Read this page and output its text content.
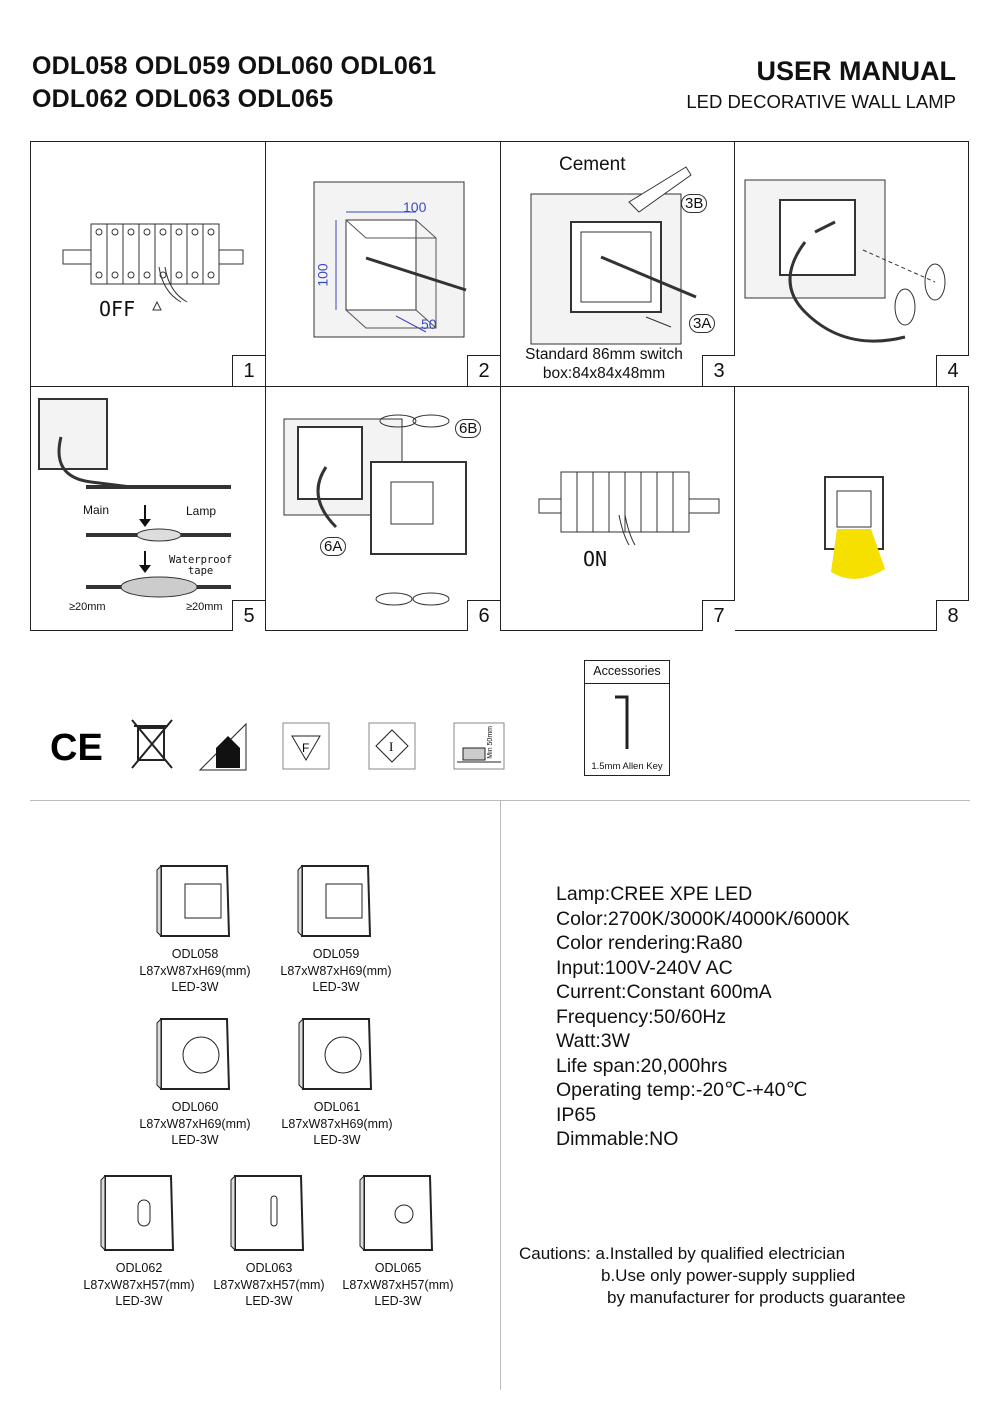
ODL058 ODL059 ODL060 ODL061
ODL062 ODL063 ODL065
USER MANUAL
LED DECORATIVE WALL LAMP
OFF
1
100
100
50
2
Cement
3B
3A
Standard 86mm switch
box:84x84x48mm	3	4
Main	Lamp
Waterproof
tape
≥20mm	≥20mm	5
6B
6A
6
ON
7	8
CE	F	I	Min 50mm
Accessories
1.5mm Allen Key
ODL058
L87xW87xH69(mm)
LED-3W
ODL059
L87xW87xH69(mm)
LED-3W
ODL060
L87xW87xH69(mm)
LED-3W
ODL061
L87xW87xH69(mm)
LED-3W
ODL062
L87xW87xH57(mm)
LED-3W
ODL063
L87xW87xH57(mm)
LED-3W
ODL065
L87xW87xH57(mm)
LED-3W
Lamp:CREE XPE LED
Color:2700K/3000K/4000K/6000K
Color rendering:Ra80
Input:100V-240V AC
Current:Constant 600mA
Frequency:50/60Hz
Watt:3W
Life span:20,000hrs
Operating temp:-20℃-+40℃
IP65
Dimmable:NO
Cautions: a.Installed by qualified electrician
b.Use only power-supply supplied
by manufacturer for products guarantee
